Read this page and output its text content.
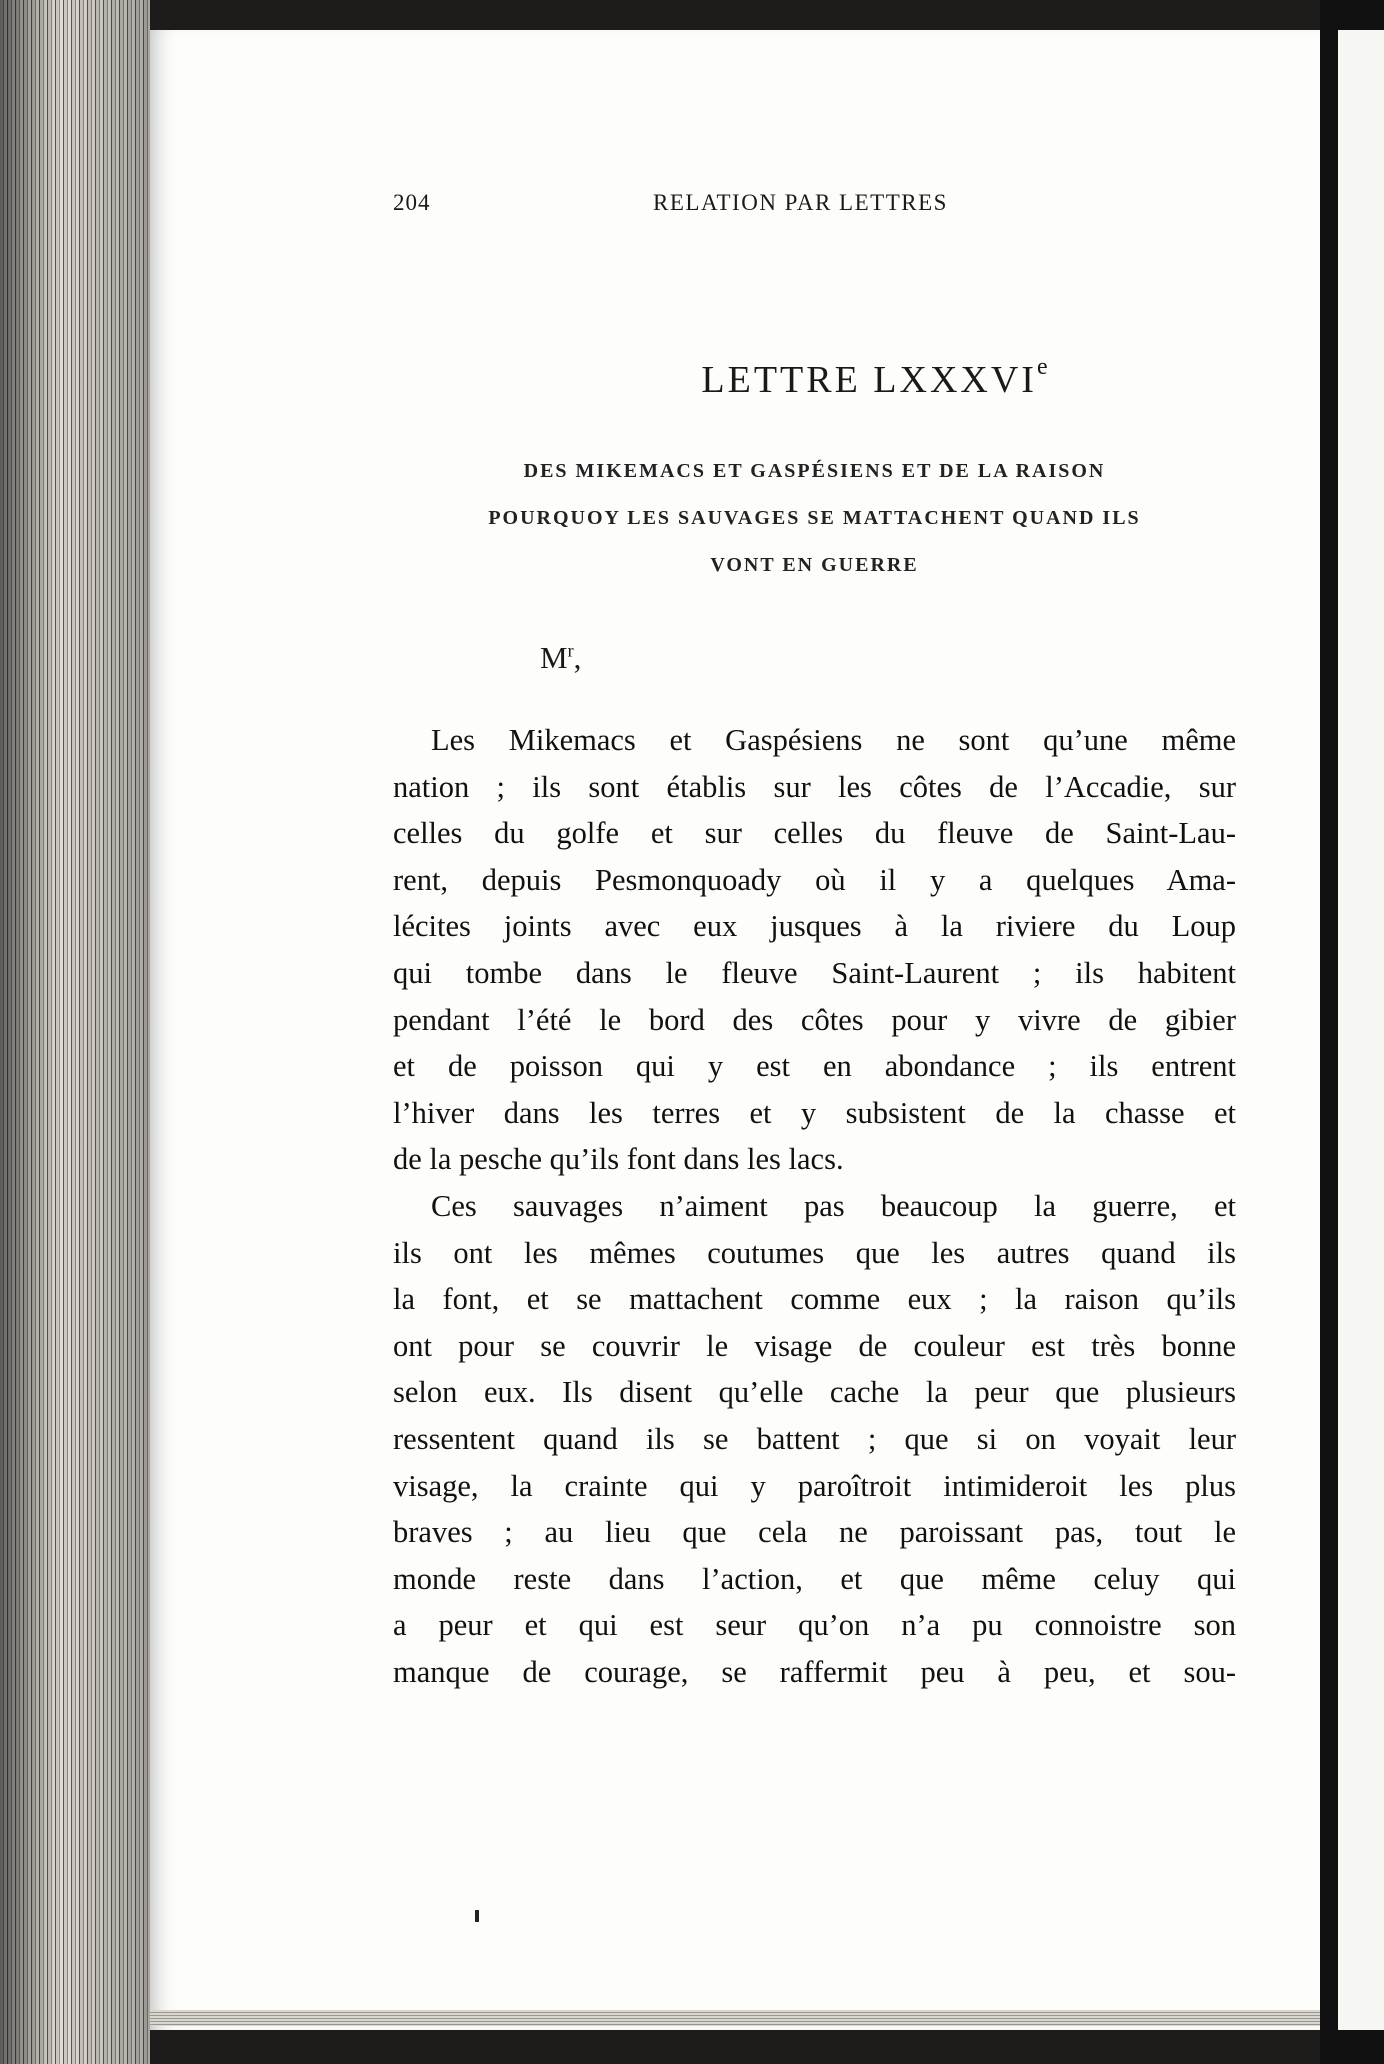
204	RELATION PAR LETTRES
LETTRE LXXXVIe
DES MIKEMACS ET GASPÉSIENS ET DE LA RAISON
POURQUOY LES SAUVAGES SE MATTACHENT QUAND ILS
VONT EN GUERRE
$M^r$,
Les Mikemacs et Gaspésiens ne sont qu’une même
nation ; ils sont établis sur les côtes de l’Accadie, sur
celles du golfe et sur celles du fleuve de Saint-Lau-
rent, depuis Pesmonquoady où il y a quelques Ama-
lécites joints avec eux jusques à la riviere du Loup
qui tombe dans le fleuve Saint-Laurent ; ils habitent
pendant l’été le bord des côtes pour y vivre de gibier
et de poisson qui y est en abondance ; ils entrent
l’hiver dans les terres et y subsistent de la chasse et
de la pesche qu’ils font dans les lacs.
Ces sauvages n’aiment pas beaucoup la guerre, et
ils ont les mêmes coutumes que les autres quand ils
la font, et se mattachent comme eux ; la raison qu’ils
ont pour se couvrir le visage de couleur est très bonne
selon eux. Ils disent qu’elle cache la peur que plusieurs
ressentent quand ils se battent ; que si on voyait leur
visage, la crainte qui y paroîtroit intimideroit les plus
braves ; au lieu que cela ne paroissant pas, tout le
monde reste dans l’action, et que même celuy qui
a peur et qui est seur qu’on n’a pu connoistre son
manque de courage, se raffermit peu à peu, et sou-
